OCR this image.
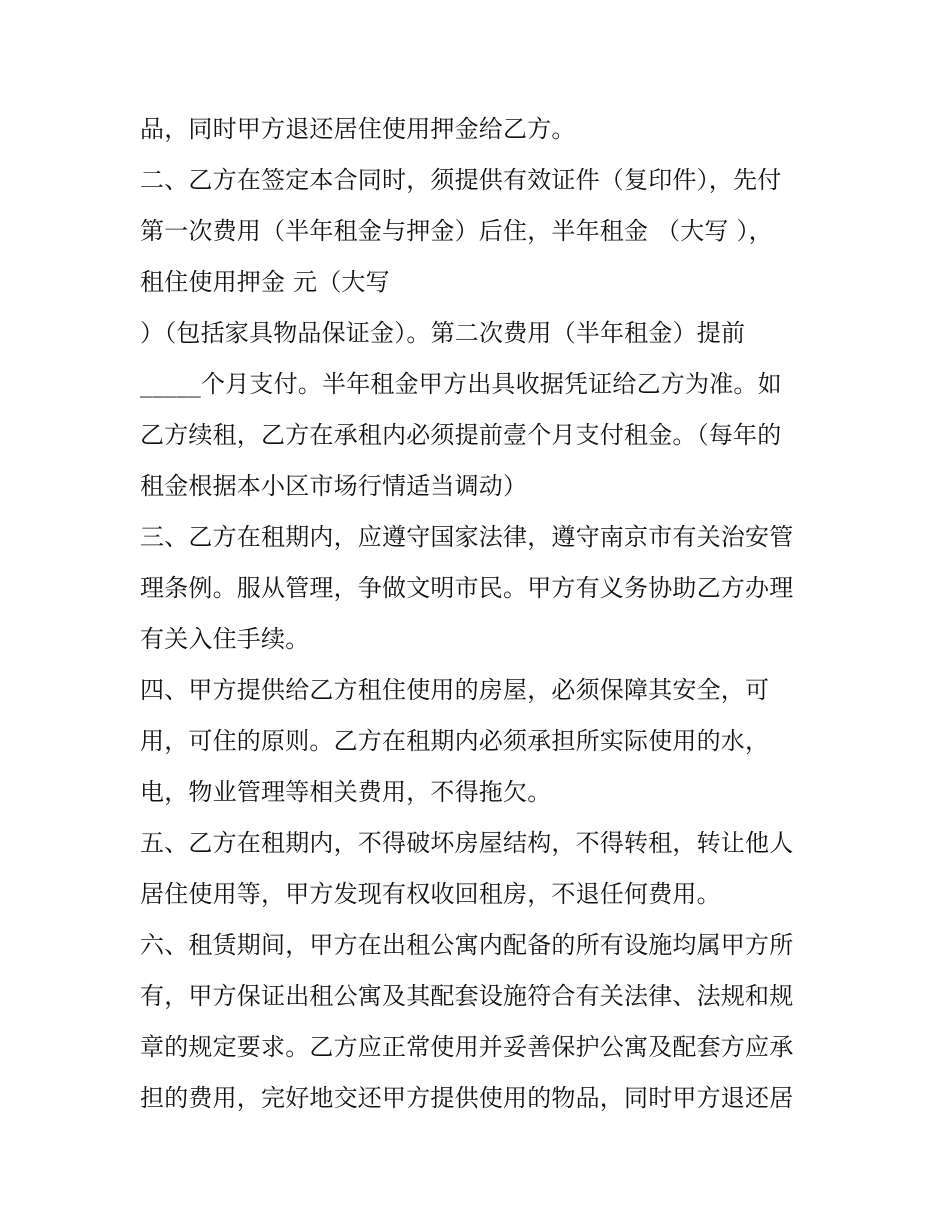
品，同时甲方退还居住使用押金给乙方。
二、乙方在签定本合同时，须提供有效证件（复印件），先付
第一次费用（半年租金与押金）后住，半年租金 （大写 ），
租住使用押金 元（大写
）（包括家具物品保证金）。第二次费用（半年租金）提前
_____个月支付。半年租金甲方出具收据凭证给乙方为准。如
乙方续租，乙方在承租内必须提前壹个月支付租金。（每年的
租金根据本小区市场行情适当调动）
三、乙方在租期内，应遵守国家法律，遵守南京市有关治安管
理条例。服从管理，争做文明市民。甲方有义务协助乙方办理
有关入住手续。
四、甲方提供给乙方租住使用的房屋，必须保障其安全，可
用，可住的原则。乙方在租期内必须承担所实际使用的水，
电，物业管理等相关费用，不得拖欠。
五、乙方在租期内，不得破坏房屋结构，不得转租，转让他人
居住使用等，甲方发现有权收回租房，不退任何费用。
六、租赁期间，甲方在出租公寓内配备的所有设施均属甲方所
有，甲方保证出租公寓及其配套设施符合有关法律、法规和规
章的规定要求。乙方应正常使用并妥善保护公寓及配套方应承
担的费用，完好地交还甲方提供使用的物品，同时甲方退还居
